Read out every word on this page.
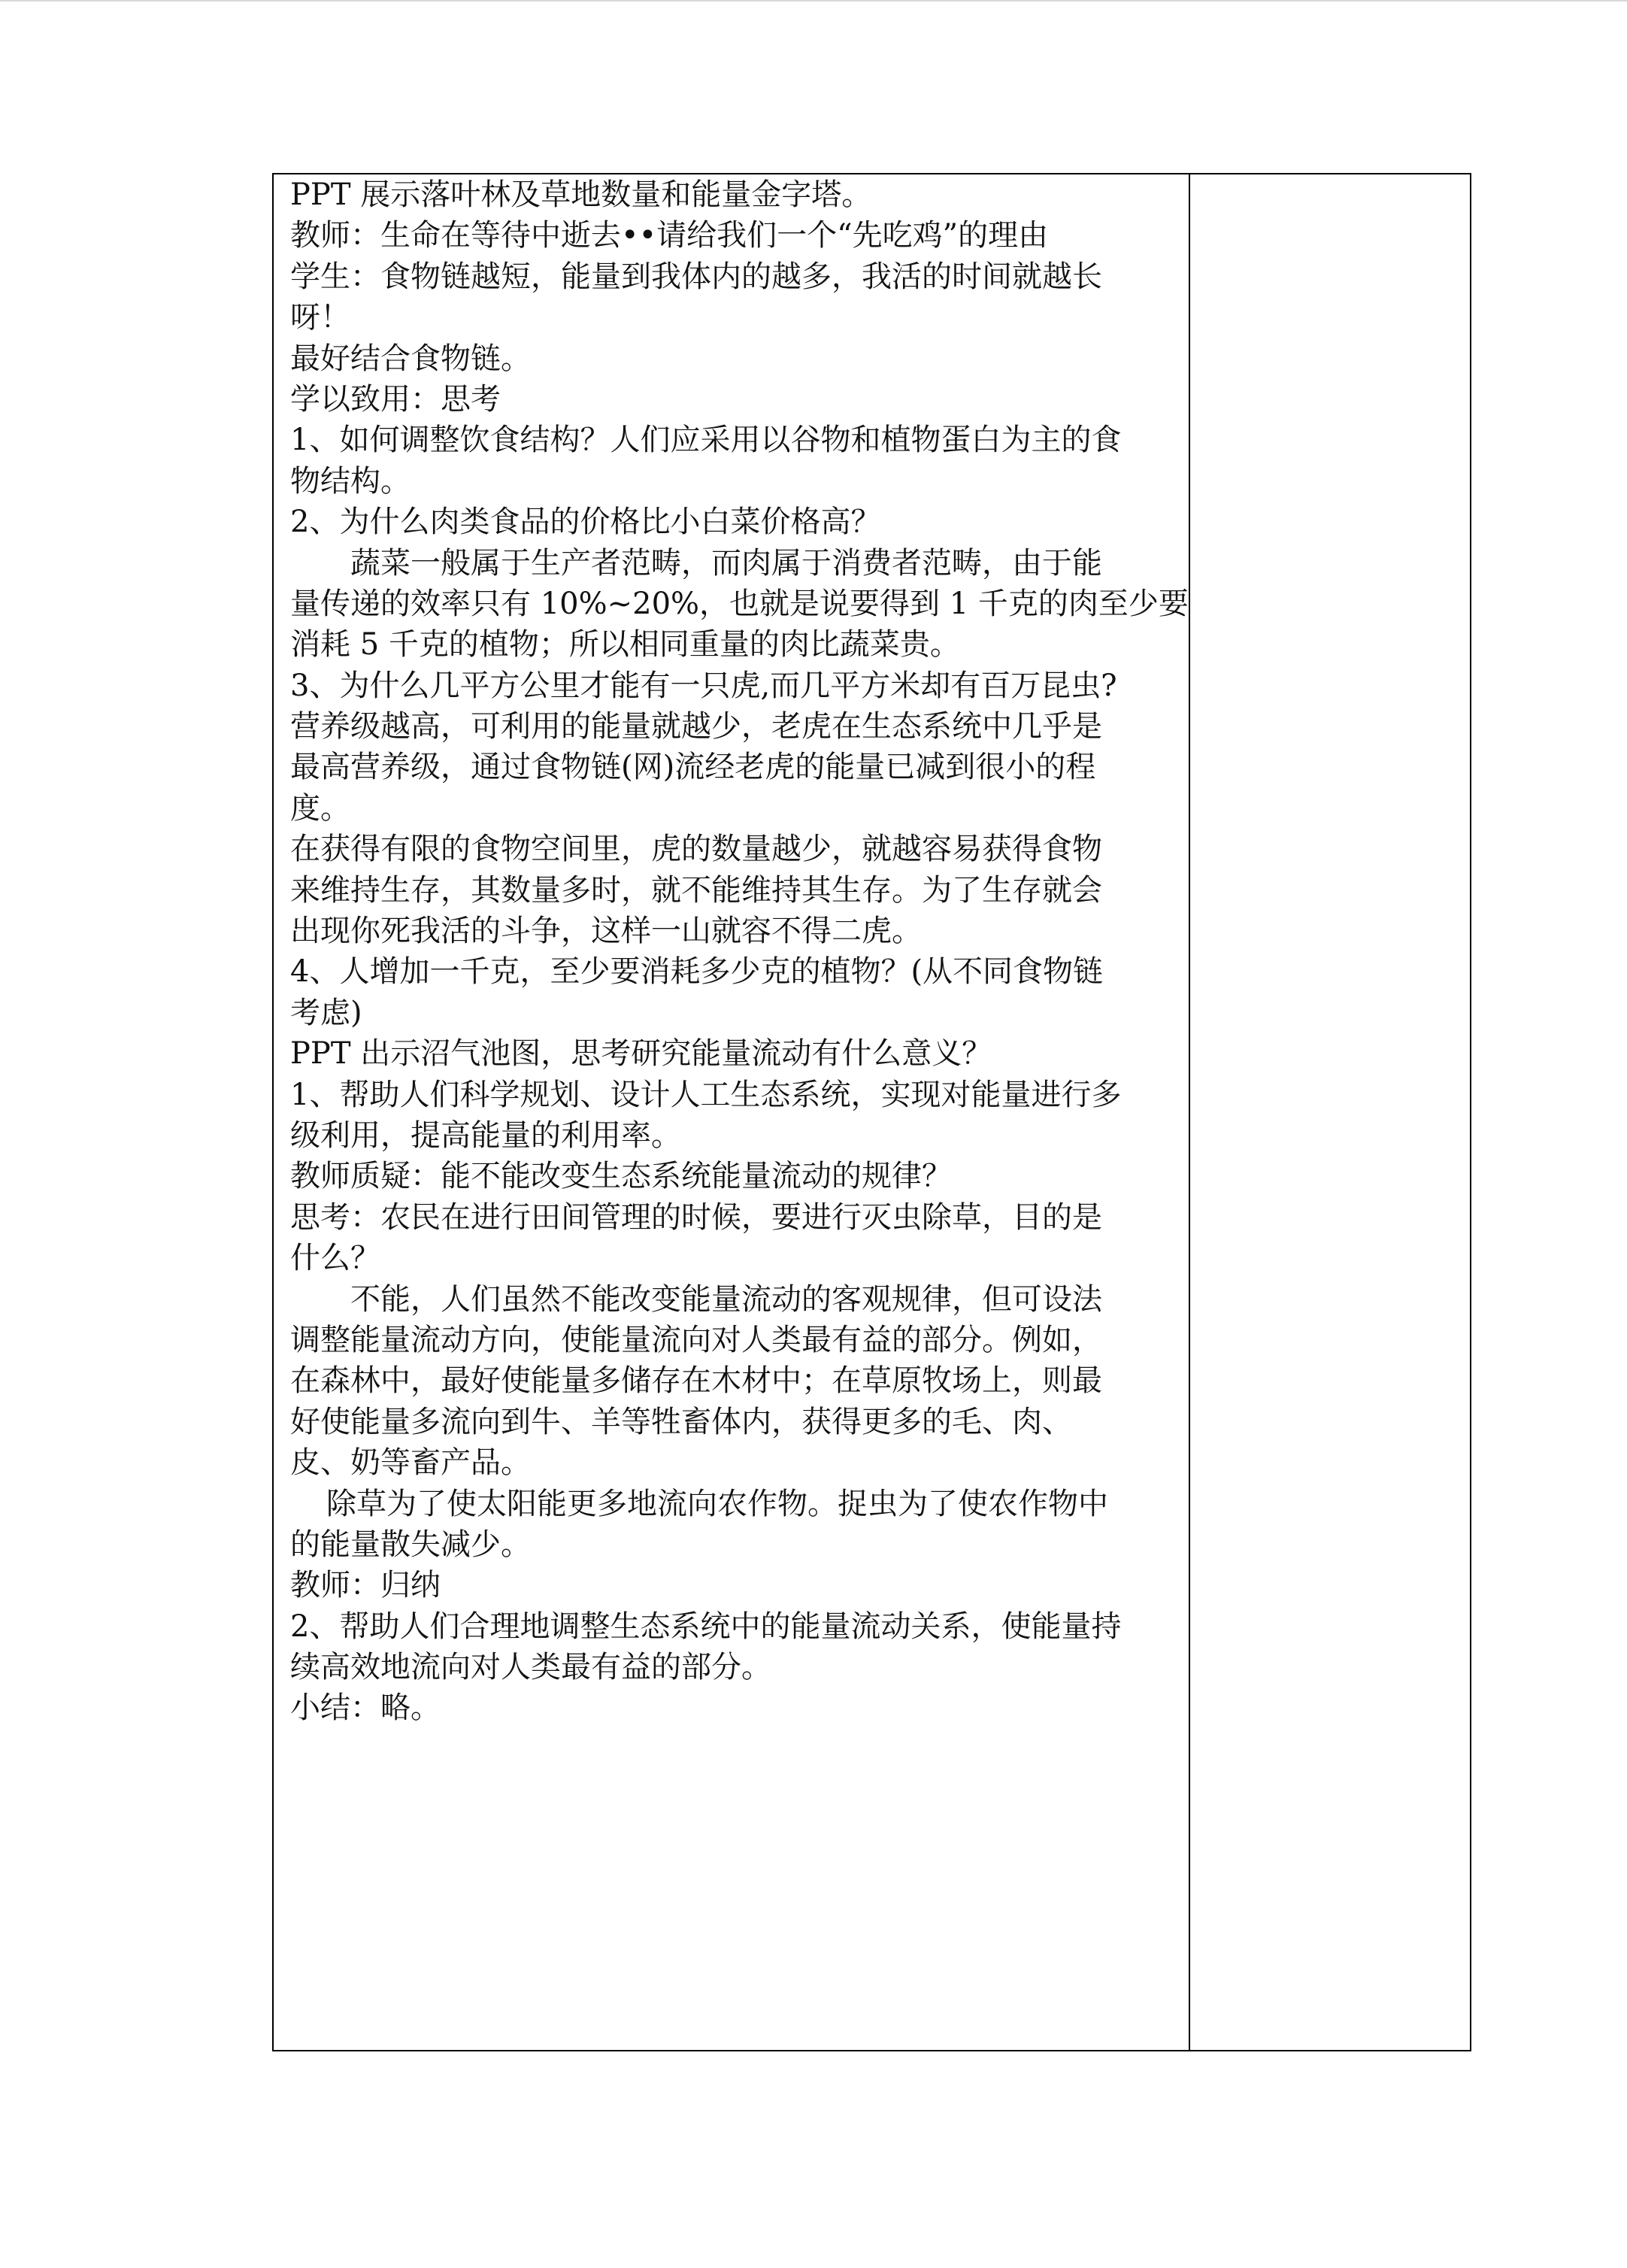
PPT 展示落叶林及草地数量和能量金字塔。
教师：生命在等待中逝去••请给我们一个“先吃鸡”的理由
学生：食物链越短，能量到我体内的越多，我活的时间就越长
呀！
最好结合食物链。
学以致用：思考
1、如何调整饮食结构？人们应采用以谷物和植物蛋白为主的食
物结构。
2、为什么肉类食品的价格比小白菜价格高？
蔬菜一般属于生产者范畴，而肉属于消费者范畴，由于能
量传递的效率只有 10%~20%，也就是说要得到 1 千克的肉至少要
消耗 5 千克的植物；所以相同重量的肉比蔬菜贵。
3、为什么几平方公里才能有一只虎,而几平方米却有百万昆虫?
营养级越高，可利用的能量就越少，老虎在生态系统中几乎是
最高营养级，通过食物链(网)流经老虎的能量已减到很小的程
度。
在获得有限的食物空间里，虎的数量越少，就越容易获得食物
来维持生存，其数量多时，就不能维持其生存。为了生存就会
出现你死我活的斗争，这样一山就容不得二虎。
4、人增加一千克，至少要消耗多少克的植物？(从不同食物链
考虑)
PPT 出示沼气池图，思考研究能量流动有什么意义？
1、帮助人们科学规划、设计人工生态系统，实现对能量进行多
级利用，提高能量的利用率。
教师质疑：能不能改变生态系统能量流动的规律？
思考：农民在进行田间管理的时候，要进行灭虫除草，目的是
什么？
不能，人们虽然不能改变能量流动的客观规律，但可设法
调整能量流动方向，使能量流向对人类最有益的部分。例如，
在森林中，最好使能量多储存在木材中；在草原牧场上，则最
好使能量多流向到牛、羊等牲畜体内，获得更多的毛、肉、
皮、奶等畜产品。
除草为了使太阳能更多地流向农作物。捉虫为了使农作物中
的能量散失减少。
教师：归纳
2、帮助人们合理地调整生态系统中的能量流动关系，使能量持
续高效地流向对人类最有益的部分。
小结：略。
